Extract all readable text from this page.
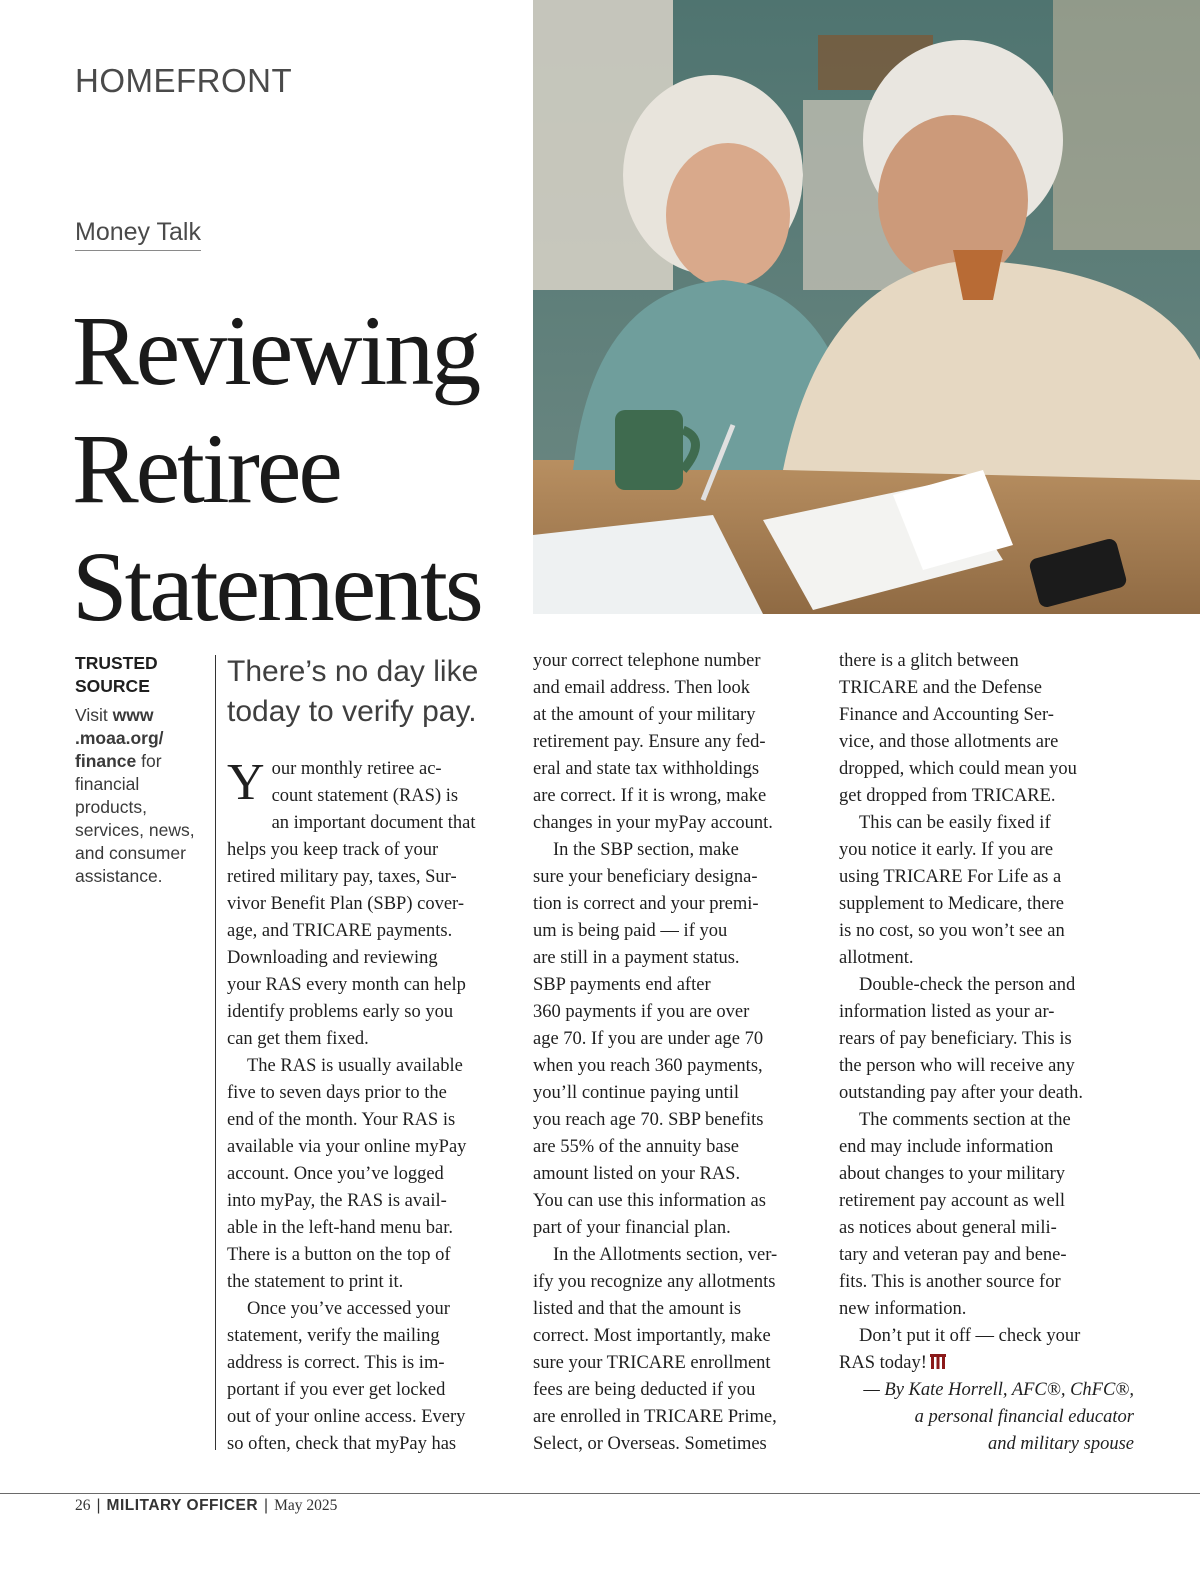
HOMEFRONT
Money Talk
Reviewing
Retiree
Statements
TRUSTED
SOURCE
Visit www
.moaa.org/
finance for
financial
products,
services, news,
and consumer
assistance.
There’s no day like
today to verify pay.
Y our monthly retiree ac-
count statement (RAS) is
an important document that
helps you keep track of your
retired military pay, taxes, Sur-
vivor Benefit Plan (SBP) cover-
age, and TRICARE payments.
Downloading and reviewing
your RAS every month can help
identify problems early so you
can get them fixed.
The RAS is usually available
five to seven days prior to the
end of the month. Your RAS is
available via your online myPay
account. Once you’ve logged
into myPay, the RAS is avail-
able in the left-hand menu bar.
There is a button on the top of
the statement to print it.
Once you’ve accessed your
statement, verify the mailing
address is correct. This is im-
portant if you ever get locked
out of your online access. Every
so often, check that myPay has
your correct telephone number
and email address. Then look
at the amount of your military
retirement pay. Ensure any fed-
eral and state tax withholdings
are correct. If it is wrong, make
changes in your myPay account.
In the SBP section, make
sure your beneficiary designa-
tion is correct and your premi-
um is being paid — if you
are still in a payment status.
SBP payments end after
360 payments if you are over
age 70. If you are under age 70
when you reach 360 payments,
you’ll continue paying until
you reach age 70. SBP benefits
are 55% of the annuity base
amount listed on your RAS.
You can use this information as
part of your financial plan.
In the Allotments section, ver-
ify you recognize any allotments
listed and that the amount is
correct. Most importantly, make
sure your TRICARE enrollment
fees are being deducted if you
are enrolled in TRICARE Prime,
Select, or Overseas. Sometimes
there is a glitch between
TRICARE and the Defense
Finance and Accounting Ser-
vice, and those allotments are
dropped, which could mean you
get dropped from TRICARE.
This can be easily fixed if
you notice it early. If you are
using TRICARE For Life as a
supplement to Medicare, there
is no cost, so you won’t see an
allotment.
Double-check the person and
information listed as your ar-
rears of pay beneficiary. This is
the person who will receive any
outstanding pay after your death.
The comments section at the
end may include information
about changes to your military
retirement pay account as well
as notices about general mili-
tary and veteran pay and bene-
fits. This is another source for
new information.
Don’t put it off — check your
RAS today!
— By Kate Horrell, AFC®, ChFC®,
a personal financial educator
and military spouse
26 | MILITARY OFFICER | May 2025
